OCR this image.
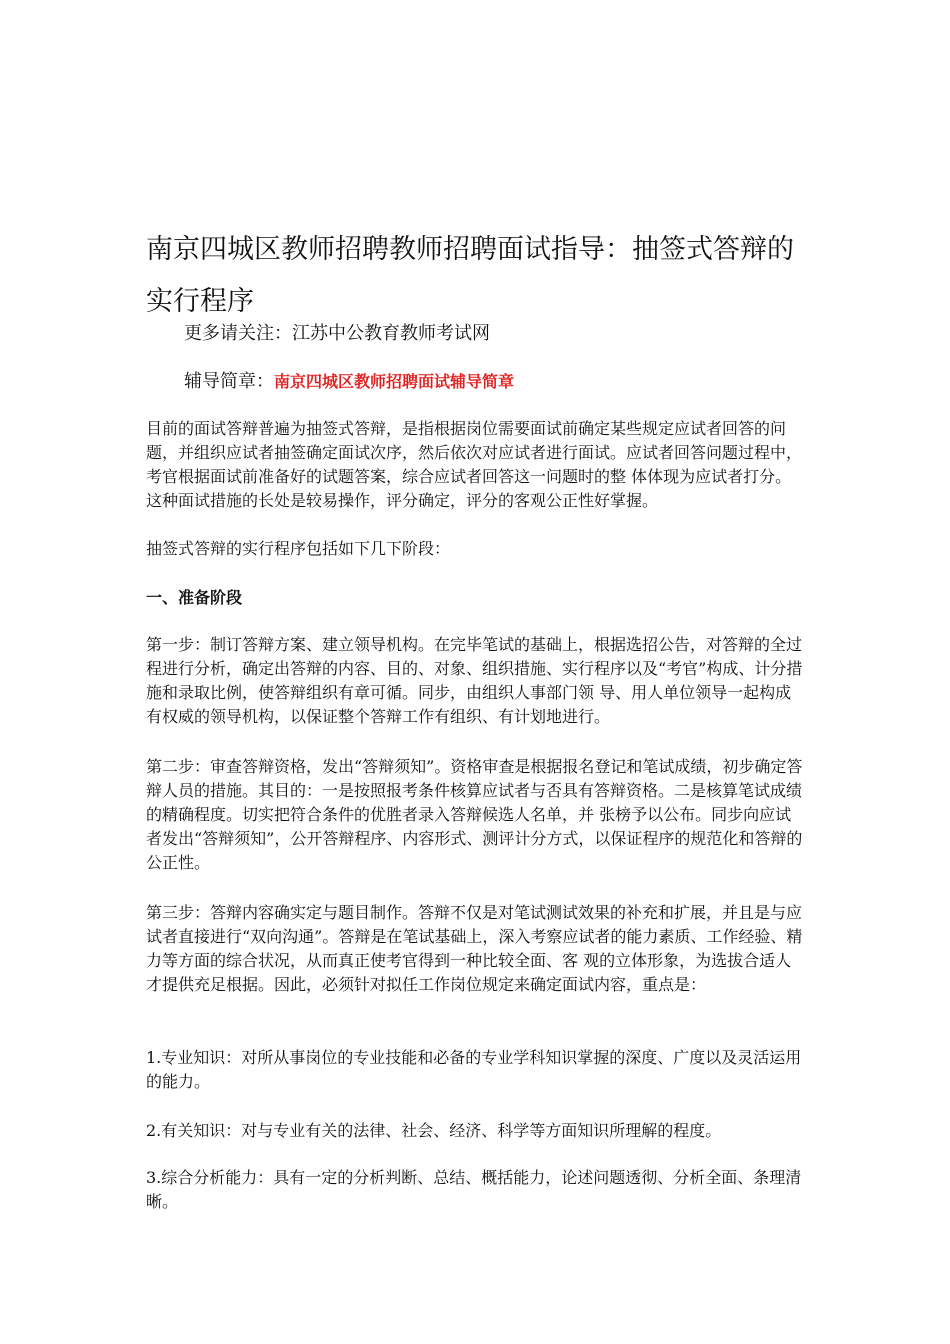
南京四城区教师招聘教师招聘面试指导：抽签式答辩的实行程序
更多请关注：江苏中公教育教师考试网
辅导简章：南京四城区教师招聘面试辅导简章

目前的面试答辩普遍为抽签式答辩，是指根据岗位需要面试前确定某些规定应试者回答的问题，并组织应试者抽签确定面试次序，然后依次对应试者进行面试。应试者回答问题过程中，考官根据面试前准备好的试题答案，综合应试者回答这一问题时的整 体体现为应试者打分。这种面试措施的长处是较易操作，评分确定，评分的客观公正性好掌握。

抽签式答辩的实行程序包括如下几下阶段：

一、准备阶段

第一步：制订答辩方案、建立领导机构。在完毕笔试的基础上，根据选招公告，对答辩的全过程进行分析，确定出答辩的内容、目的、对象、组织措施、实行程序以及“考官”构成、计分措施和录取比例，使答辩组织有章可循。同步，由组织人事部门领 导、用人单位领导一起构成有权威的领导机构，以保证整个答辩工作有组织、有计划地进行。

第二步：审查答辩资格，发出“答辩须知”。资格审查是根据报名登记和笔试成绩，初步确定答辩人员的措施。其目的：一是按照报考条件核算应试者与否具有答辩资格。二是核算笔试成绩的精确程度。切实把符合条件的优胜者录入答辩候选人名单，并 张榜予以公布。同步向应试者发出“答辩须知”，公开答辩程序、内容形式、测评计分方式，以保证程序的规范化和答辩的公正性。

第三步：答辩内容确实定与题目制作。答辩不仅是对笔试测试效果的补充和扩展，并且是与应试者直接进行“双向沟通”。答辩是在笔试基础上，深入考察应试者的能力素质、工作经验、精力等方面的综合状况，从而真正使考官得到一种比较全面、客 观的立体形象，为选拔合适人才提供充足根据。因此，必须针对拟任工作岗位规定来确定面试内容，重点是：

1.专业知识：对所从事岗位的专业技能和必备的专业学科知识掌握的深度、广度以及灵活运用的能力。

2.有关知识：对与专业有关的法律、社会、经济、科学等方面知识所理解的程度。

3.综合分析能力：具有一定的分析判断、总结、概括能力，论述问题透彻、分析全面、条理清晰。
